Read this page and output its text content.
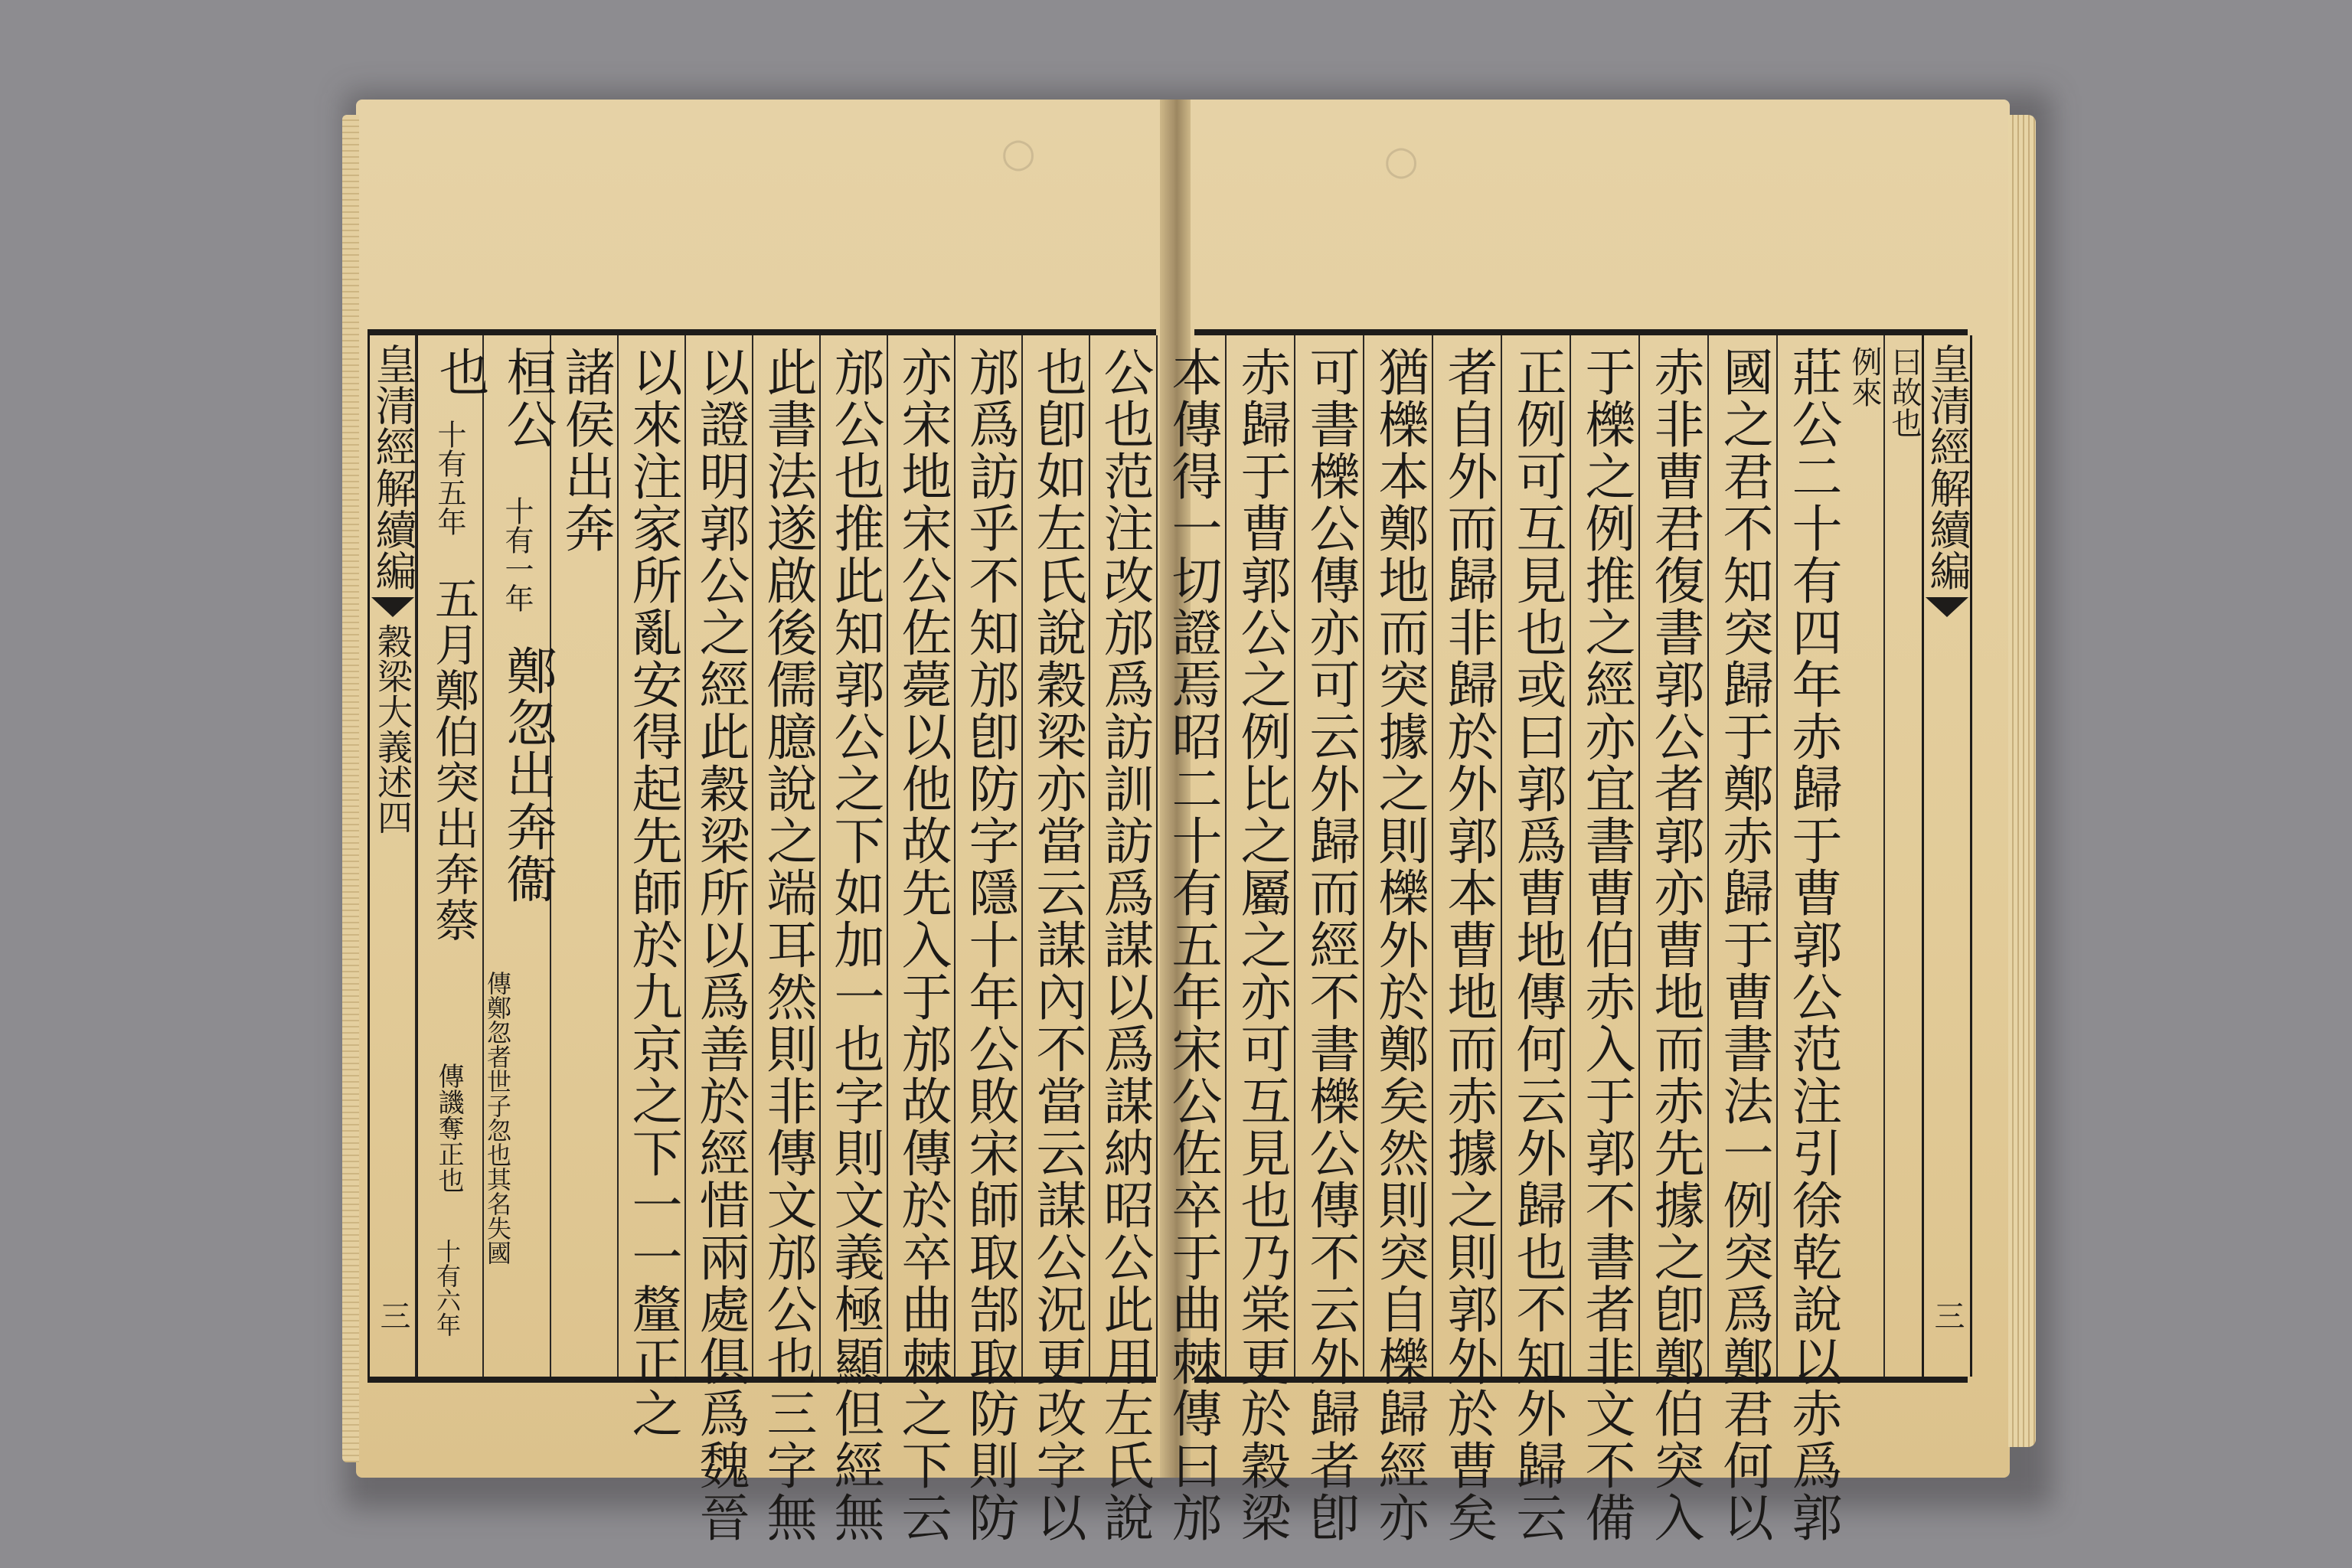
○	○
皇清經解續編
穀梁大義述四
三	公也范注改邡爲訪訓訪爲謀以爲謀納昭公此用左氏說
也卽如左氏說穀梁亦當云謀內不當云謀公況更改字以
邡爲訪乎不知邡卽防字隱十年公敗宋師取郜取防則防
亦宋地宋公佐薨以他故先入于邡故傳於卒曲棘之下云
邡公也推此知郭公之下如加一也字則文義極顯但經無
此書法遂啟後儒臆說之端耳然則非傳文邡公也三字無
以證明郭公之經此穀梁所以爲善於經惜兩處俱爲魏晉
以來注家所亂安得起先師於九京之下一一釐正之
諸侯出奔
桓公
十有一年
鄭忽出奔衞
傳鄭忽者世子忽也其名失國
也
十有五年
五月鄭伯突出奔蔡
傳譏奪正也
十有六年
皇清經解續編
三
曰故也
例來
莊公二十有四年赤歸于曹郭公范注引徐乾說以赤爲郭
國之君不知突歸于鄭赤歸于曹書法一例突爲鄭君何以
赤非曹君復書郭公者郭亦曹地而赤先據之卽鄭伯突入
于櫟之例推之經亦宜書曹伯赤入于郭不書者非文不備
正例可互見也或曰郭爲曹地傳何云外歸也不知外歸云
者自外而歸非歸於外郭本曹地而赤據之則郭外於曹矣
猶櫟本鄭地而突據之則櫟外於鄭矣然則突自櫟歸經亦
可書櫟公傳亦可云外歸而經不書櫟公傳不云外歸者卽
赤歸于曹郭公之例比之屬之亦可互見也乃棠更於穀梁
本傳得一切證焉昭二十有五年宋公佐卒于曲棘傳曰邡
